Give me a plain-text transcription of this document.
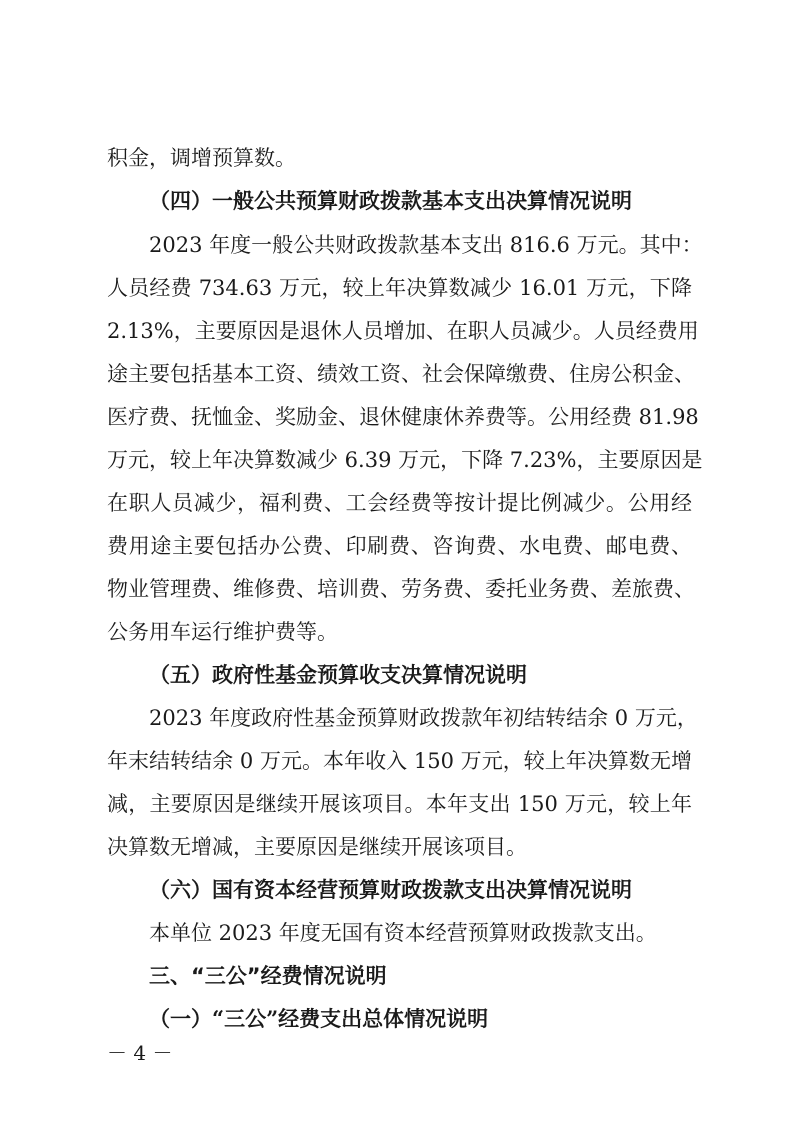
积金，调增预算数。
（四）一般公共预算财政拨款基本支出决算情况说明
2023 年度一般公共财政拨款基本支出 816.6 万元。其中：
人员经费 734.63 万元，较上年决算数减少 16.01 万元，下降
2.13%，主要原因是退休人员增加、在职人员减少。人员经费用
途主要包括基本工资、绩效工资、社会保障缴费、住房公积金、
医疗费、抚恤金、奖励金、退休健康休养费等。公用经费 81.98
万元，较上年决算数减少 6.39 万元，下降 7.23%，主要原因是
在职人员减少，福利费、工会经费等按计提比例减少。公用经
费用途主要包括办公费、印刷费、咨询费、水电费、邮电费、
物业管理费、维修费、培训费、劳务费、委托业务费、差旅费、
公务用车运行维护费等。
（五）政府性基金预算收支决算情况说明
2023 年度政府性基金预算财政拨款年初结转结余 0 万元，
年末结转结余 0 万元。本年收入 150 万元，较上年决算数无增
减，主要原因是继续开展该项目。本年支出 150 万元，较上年
决算数无增减，主要原因是继续开展该项目。
（六）国有资本经营预算财政拨款支出决算情况说明
本单位 2023 年度无国有资本经营预算财政拨款支出。
三、“三公”经费情况说明
（一）“三公”经费支出总体情况说明
－ 4 －
